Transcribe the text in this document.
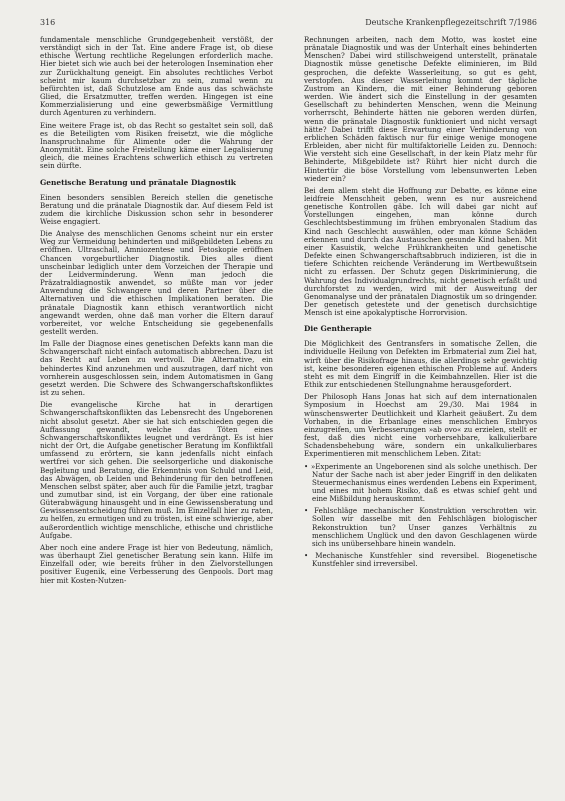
316	Deutsche Krankenpflegezeitschrift 7/1986

fundamentale menschliche Grundgegebenheit verstößt, der verständigt sich in der Tat. Eine andere Frage ist, ob diese ethische Wertung rechtliche Regelungen erforderlich mache. Hier bietet sich wie auch bei der heterologen Insemination eher zur Zurückhaltung geneigt. Ein absolutes rechtliches Verbot scheint mir kaum durchsetzbar zu sein, zumal wenn zu befürchten ist, daß Schutzlose am Ende aus das schwächste Glied, die Ersatzmutter, treffen werden. Hingegen ist eine Kommerzialisierung und eine gewerbsmäßige Vermittlung durch Agenturen zu verhindern.

Eine weitere Frage ist, ob das Recht so gestaltet sein soll, daß es die Beteiligten vom Risiken freisetzt, wie die mögliche Inanspruchnahme für Alimente oder die Wahrung der Anonymität. Eine solche Freistellung käme einer Legalisierung gleich, die meines Erachtens schwerlich ethisch zu vertreten sein dürfte.

Genetische Beratung und pränatale Diagnostik

Einen besonders sensiblen Bereich stellen die genetische Beratung und die pränatale Diagnostik dar. Auf diesem Feld ist zudem die kirchliche Diskussion schon sehr in besonderer Weise engagiert.

Die Analyse des menschlichen Genoms scheint nur ein erster Weg zur Vermeidung behinderten und mißgebildeten Lebens zu eröffnen. Ultraschall, Amniozentese und Fetoskopie eröffnen Chancen vorgeburtlicher Diagnostik. Dies alles dient unscheinbar lediglich unter dem Vorzeichen der Therapie und der Leidverminderung. Wenn man jedoch die Präzatraldiagnostik anwendet, so müßte man vor jeder Anwendung die Schwangere und deren Partner über die Alternativen und die ethischen Implikationen beraten. Die pränatale Diagnostik kann ethisch verantwortlich nicht angewandt werden, ohne daß man vorher die Eltern darauf vorbereitet, vor welche Entscheidung sie gegebenenfalls gestellt werden.

Im Falle der Diagnose eines genetischen Defekts kann man die Schwangerschaft nicht einfach automatisch abbrechen. Dazu ist das Recht auf Leben zu wertvoll. Die Alternative, ein behindertes Kind anzunehmen und auszutragen, darf nicht von vornherein ausgeschlossen sein, indem Automatismen in Gang gesetzt werden. Die Schwere des Schwangerschaftskonfliktes ist zu sehen.

Die evangelische Kirche hat in derartigen Schwangerschaftskonflikten das Lebensrecht des Ungeborenen nicht absolut gesetzt. Aber sie hat sich entschieden gegen die Auffassung gewandt, welche das Töten eines Schwangerschaftskonfliktes leugnet und verdrängt. Es ist hier nicht der Ort, die Aufgabe genetischer Beratung im Konfliktfall umfassend zu erörtern, sie kann jedenfalls nicht einfach wertfrei vor sich gehen. Die seelsorgerliche und diakonische Begleitung und Beratung, die Erkenntnis von Schuld und Leid, das Abwägen, ob Leiden und Behinderung für den betroffenen Menschen selbst später, aber auch für die Familie jetzt, tragbar und zumutbar sind, ist ein Vorgang, der über eine rationale Güterabwägung hinausgeht und in eine Gewissensberatung und Gewissensentscheidung führen muß. Im Einzelfall hier zu raten, zu helfen, zu ermutigen und zu trösten, ist eine schwierige, aber außerordentlich wichtige menschliche, ethische und christliche Aufgabe.

Aber noch eine andere Frage ist hier von Bedeutung, nämlich, was überhaupt Ziel genetischer Beratung sein kann. Hilfe im Einzelfall oder, wie bereits früher in den Zielvorstellungen positiver Eugenik, eine Verbesserung des Genpools. Dort mag hier mit Kosten-Nutzen-

Rechnungen arbeiten, nach dem Motto, was kostet eine pränatale Diagnostik und was der Unterhalt eines behinderten Menschen? Dabei wird stillschweigend unterstellt, pränatale Diagnostik müsse genetische Defekte eliminieren, im Bild gesprochen, die defekte Wasserleitung, so gut es geht, verstopfen. Aus dieser Wasserleitung kommt der tägliche Zustrom an Kindern, die mit einer Behinderung geboren werden. Wie ändert sich die Einstellung in der gesamten Gesellschaft zu behinderten Menschen, wenn die Meinung vorherrscht, Behinderte hätten nie geboren werden dürfen, wenn die pränatale Diagnostik funktioniert und nicht versagt hätte? Dabei trifft diese Erwartung einer Verhinderung von erblichen Schäden faktisch nur für einige wenige monogene Erbleiden, aber nicht für multifaktorielle Leiden zu. Dennoch: Wie versteht sich eine Gesellschaft, in der kein Platz mehr für Behinderte, Mißgebildete ist? Rührt hier nicht durch die Hintertür die böse Vorstellung vom lebensunwerten Leben wieder ein?

Bei dem allem steht die Hoffnung zur Debatte, es könne eine leidfreie Menschheit geben, wenn es nur ausreichend genetische Kontrollen gäbe. Ich will dabei gar nicht auf Vorstellungen eingehen, man könne durch Geschlechtsbestimmung im frühen embryonalen Stadium das Kind nach Geschlecht auswählen, oder man könne Schäden erkennen und durch das Austauschen gesunde Kind haben. Mit einer Kasuistik, welche Frühkrankheiten und genetische Defekte einen Schwangerschaftsabbruch indizieren, ist die in tiefere Schichten reichende Veränderung im Wertbewußtsein nicht zu erfassen. Der Schutz gegen Diskriminierung, die Wahrung des Individualgrundrechts, nicht genetisch erfaßt und durchforstet zu werden, wird mit der Ausweitung der Genomanalyse und der pränatalen Diagnostik um so dringender. Der genetisch getestete und der genetisch durchsichtige Mensch ist eine apokalyptische Horrorvision.

Die Gentherapie

Die Möglichkeit des Gentransfers in somatische Zellen, die individuelle Heilung von Defekten im Erbmaterial zum Ziel hat, wirft über die Risikofrage hinaus, die allerdings sehr gewichtig ist, keine besonderen eigenen ethischen Probleme auf. Anders steht es mit dem Eingriff in die Keimbahnzellen. Hier ist die Ethik zur entschiedenen Stellungnahme herausgefordert.

Der Philosoph Hans Jonas hat sich auf dem internationalen Symposium in Hoechst am 29./30. Mai 1984 in wünschenswerter Deutlichkeit und Klarheit geäußert. Zu dem Vorhaben, in die Erbanlage eines menschlichen Embryos einzugreifen, um Verbesserungen »ab ovo« zu erzielen, stellt er fest, daß dies nicht eine vorhersehbare, kalkulierbare Schadensbehebung wäre, sondern ein unkalkulierbares Experimentieren mit menschlichem Leben. Zitat:

• »Experimente an Ungeborenen sind als solche unethisch. Der Natur der Sache nach ist aber jeder Eingriff in den delikaten Steuermechanismus eines werdenden Lebens ein Experiment, und eines mit hohem Risiko, daß es etwas schief geht und eine Mißbildung herauskommt.
• Fehlschläge mechanischer Konstruktion verschrotten wir. Sollen wir dasselbe mit den Fehlschlägen biologischer Rekonstruktion tun? Unser ganzes Verhältnis zu menschlichem Unglück und den davon Geschlagenen würde sich ins unübersehbare hinein wandeln.
• Mechanische Kunstfehler sind reversibel. Biogenetische Kunstfehler sind irreversibel.
